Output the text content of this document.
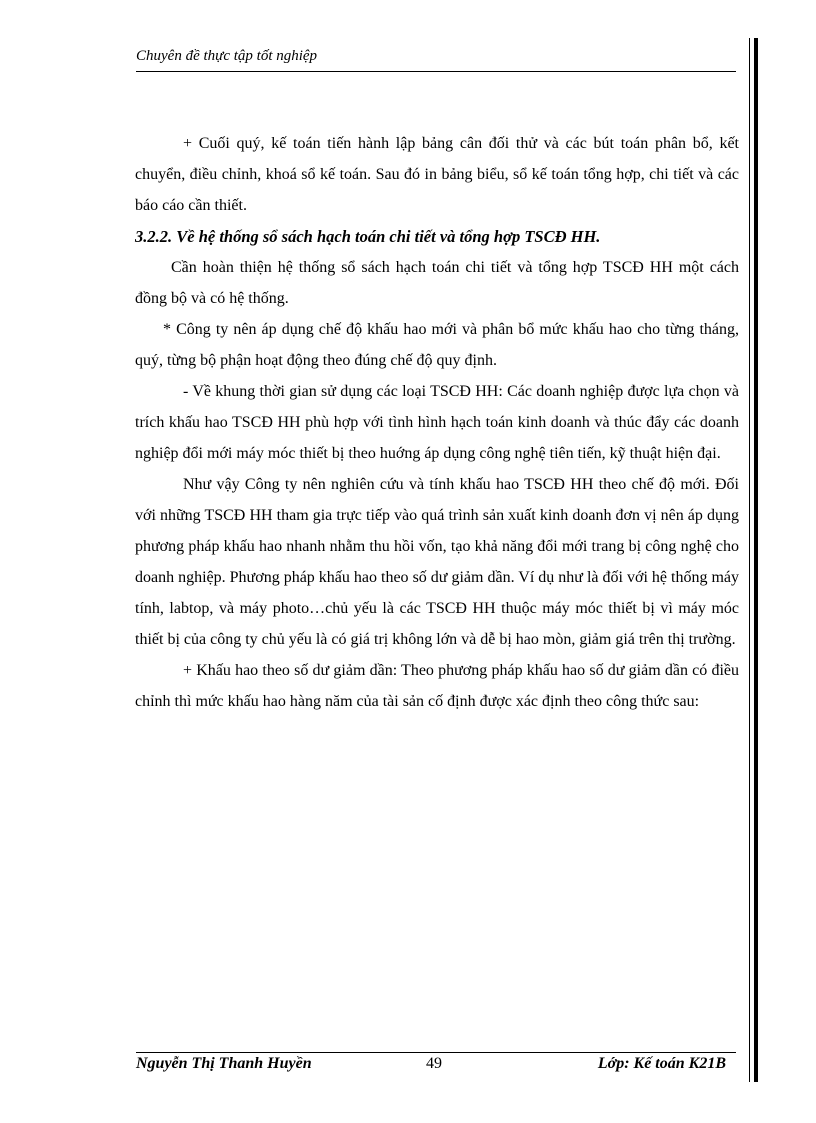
Chuyên đề thực tập tốt nghiệp

+ Cuối quý, kế toán tiến hành lập bảng cân đối thử và các bút toán phân bổ, kết chuyển, điều chỉnh, khoá sổ kế toán. Sau đó in bảng biểu, sổ kế toán tổng hợp, chi tiết và các báo cáo cần thiết.

3.2.2. Về hệ thống sổ sách hạch toán chi tiết và tổng hợp TSCĐ HH.

Cần hoàn thiện hệ thống sổ sách hạch toán chi tiết và tổng hợp TSCĐ HH một cách đồng bộ và có hệ thống.

* Công ty nên áp dụng chế độ khấu hao mới và phân bổ mức khấu hao cho từng tháng, quý, từng bộ phận hoạt động theo đúng chế độ quy định.

- Về khung thời gian sử dụng các loại TSCĐ HH: Các doanh nghiệp được lựa chọn và trích khấu hao TSCĐ HH phù hợp với tình hình hạch toán kinh doanh và thúc đẩy các doanh nghiệp đổi mới máy móc thiết bị theo huớng áp dụng công nghệ tiên tiến, kỹ thuật hiện đại.

Như vậy Công ty nên nghiên cứu và tính khấu hao TSCĐ HH theo chế độ mới. Đối với những TSCĐ HH tham gia trực tiếp vào quá trình sản xuất kinh doanh đơn vị nên áp dụng phương pháp khấu hao nhanh nhằm thu hồi vốn, tạo khả năng đổi mới trang bị công nghệ cho doanh nghiệp. Phương pháp khấu hao theo số dư giảm dần. Ví dụ như là đối với hệ thống máy tính, labtop, và máy photo…chủ yếu là các TSCĐ HH thuộc máy móc thiết bị vì máy móc thiết bị của công ty chủ yếu là có giá trị không lớn và dễ bị hao mòn, giảm giá trên thị trường.

+ Khấu hao theo số dư giảm dần: Theo phương pháp khấu hao số dư giảm dần có điều chỉnh thì mức khấu hao hàng năm của tài sản cố định được xác định theo công thức sau:

Nguyễn Thị Thanh Huyền	49	Lớp: Kế toán K21B
